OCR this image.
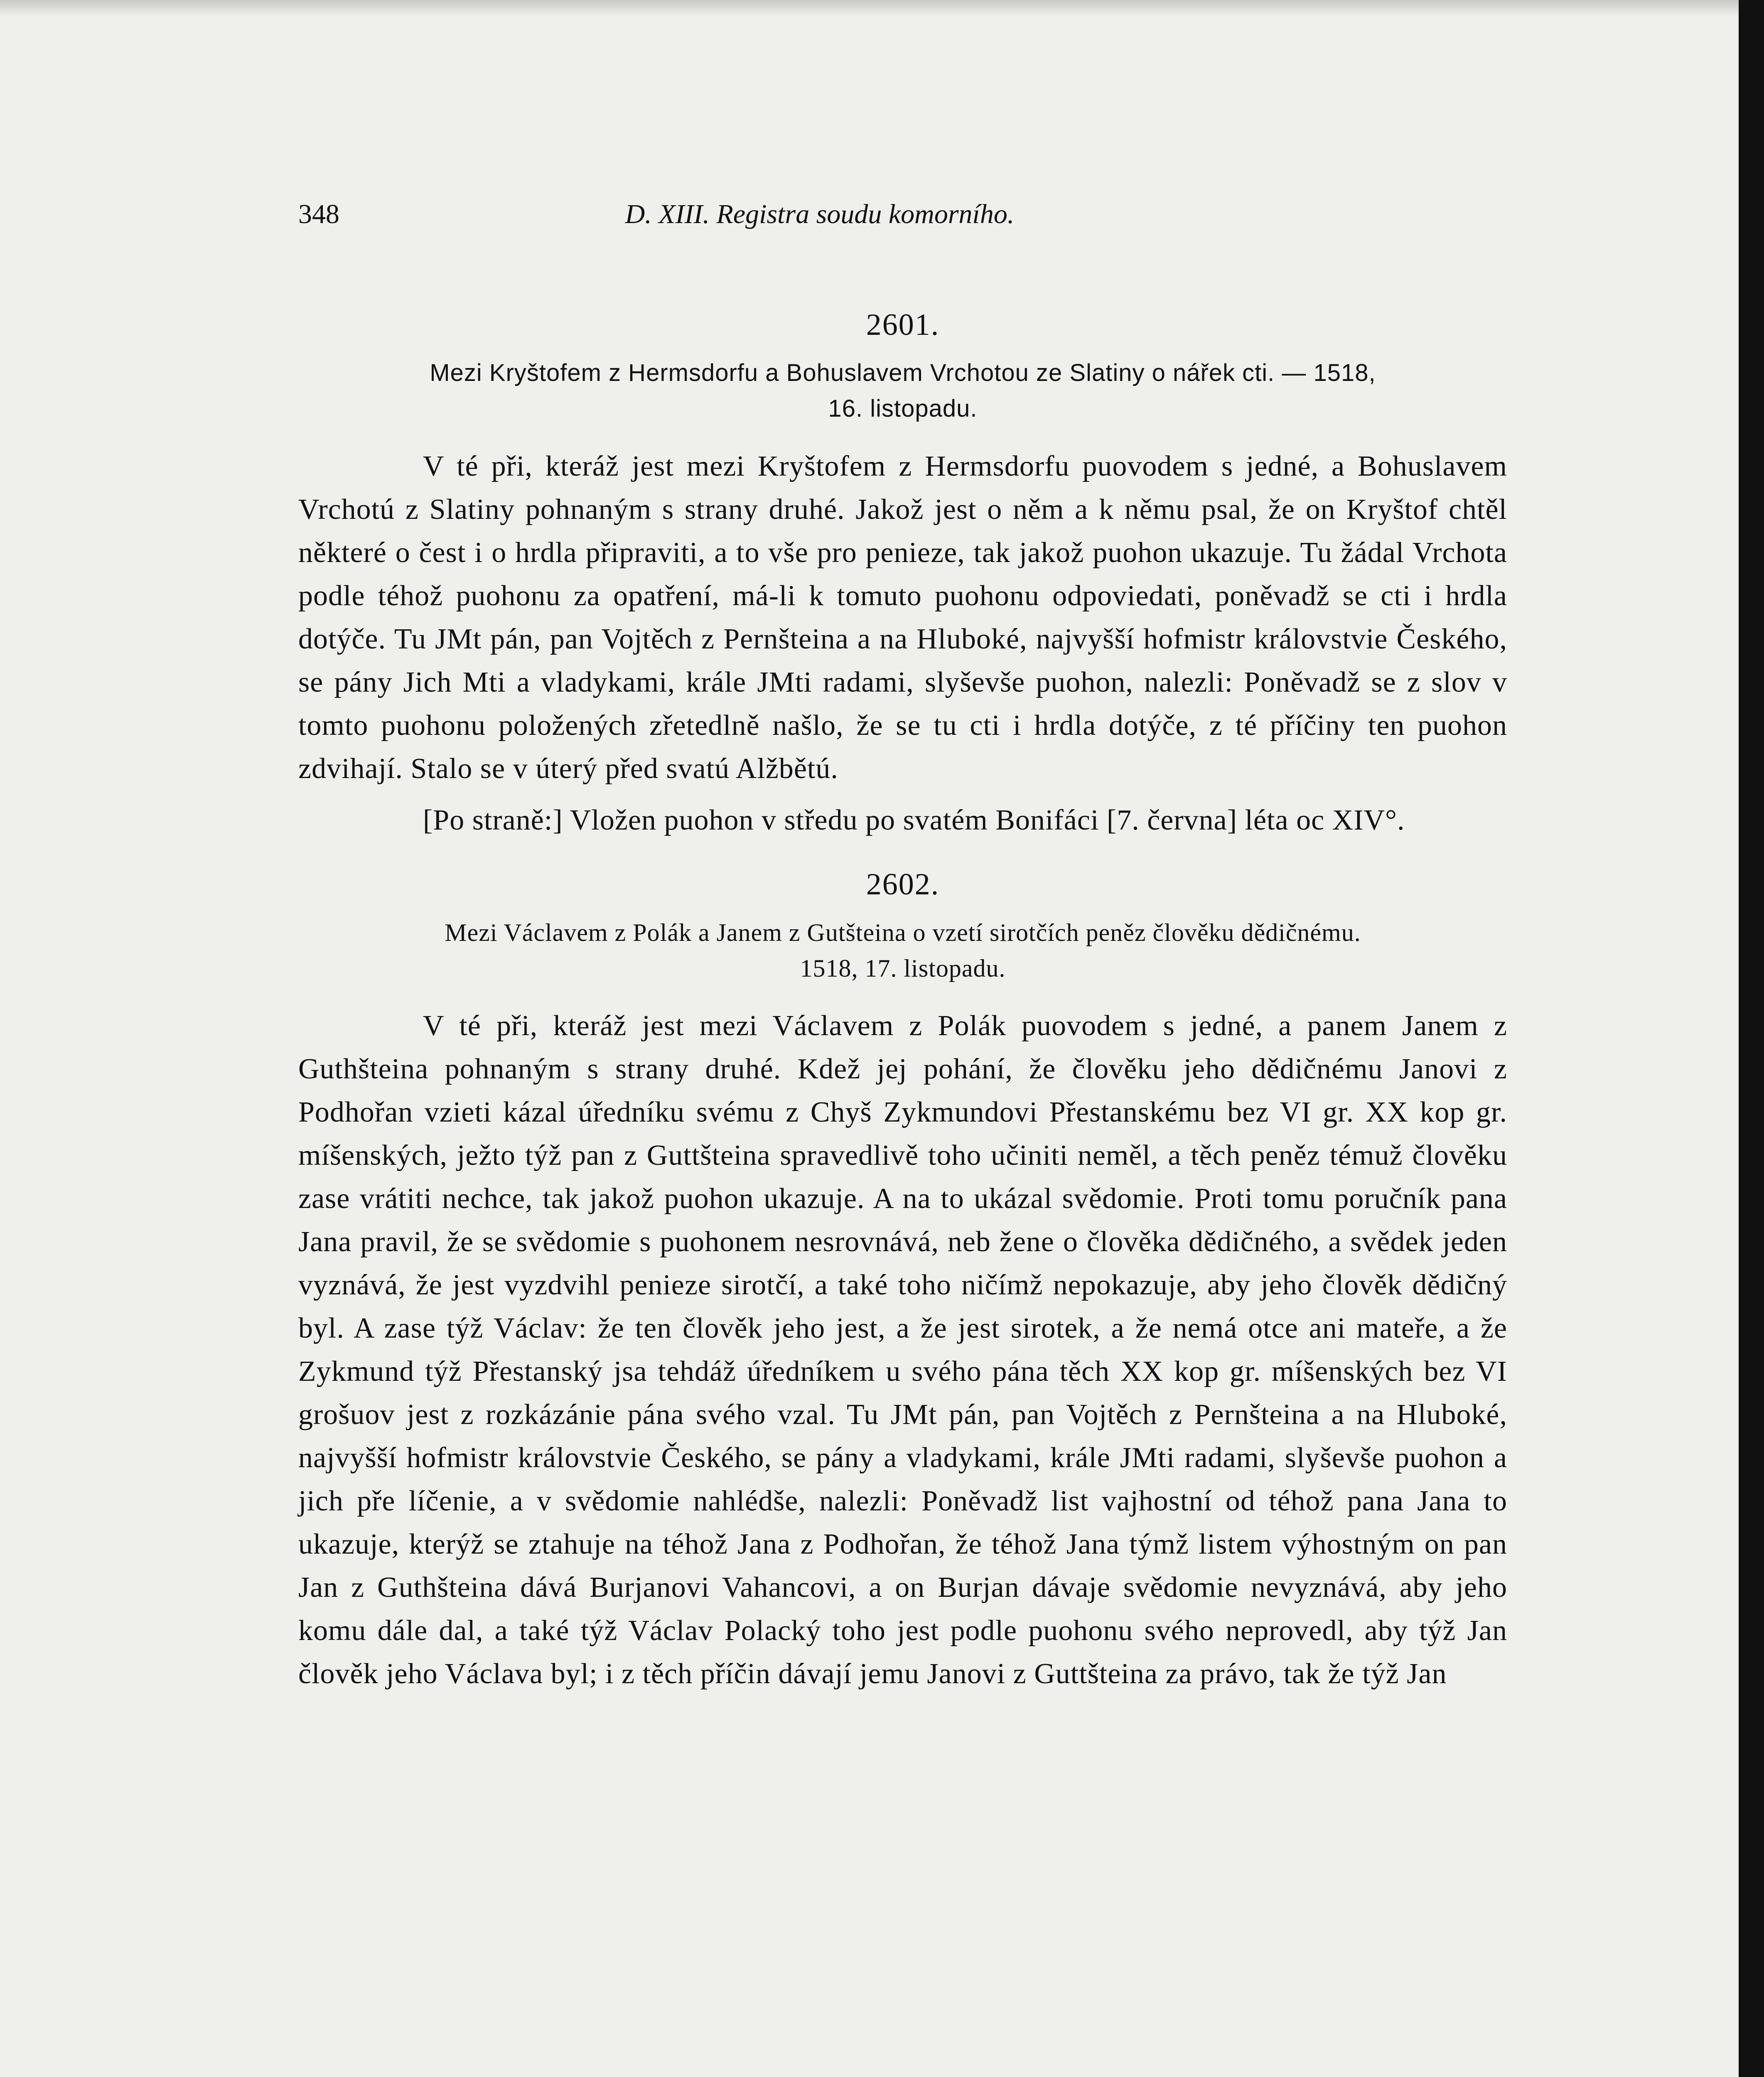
348	D. XIII. Registra soudu komorního.
2601.
Mezi Kryštofem z Hermsdorfu a Bohuslavem Vrchotou ze Slatiny o nářek cti. — 1518,
16. listopadu.

V té při, kteráž jest mezi Kryštofem z Hermsdorfu puovodem s jedné, a Bohuslavem Vrchotú z Slatiny pohnaným s strany druhé. Jakož jest o něm a k němu psal, že on Kryštof chtěl některé o čest i o hrdla připraviti, a to vše pro penieze, tak jakož puohon ukazuje. Tu žádal Vrchota podle téhož puohonu za opatření, má-li k tomuto puohonu odpoviedati, poněvadž se cti i hrdla dotýče. Tu JMt pán, pan Vojtěch z Pernšteina a na Hluboké, najvyšší hofmistr královstvie Českého, se pány Jich Mti a vladykami, krále JMti radami, slyševše puohon, nalezli: Poněvadž se z slov v tomto puohonu položených zřetedlně našlo, že se tu cti i hrdla dotýče, z té příčiny ten puohon zdvihají. Stalo se v úterý před svatú Alžbětú.

[Po straně:] Vložen puohon v středu po svatém Bonifáci [7. června] léta oc XIV°.

2602.
Mezi Václavem z Polák a Janem z Gutšteina o vzetí sirotčích peněz člověku dědičnému.
1518, 17. listopadu.

V té při, kteráž jest mezi Václavem z Polák puovodem s jedné, a panem Janem z Guthšteina pohnaným s strany druhé. Kdež jej pohání, že člověku jeho dědičnému Janovi z Podhořan vzieti kázal úředníku svému z Chyš Zykmundovi Přestanskému bez VI gr. XX kop gr. míšenských, ježto týž pan z Guttšteina spravedlivě toho učiniti neměl, a těch peněz témuž člověku zase vrátiti nechce, tak jakož puohon ukazuje. A na to ukázal svědomie. Proti tomu poručník pana Jana pravil, že se svědomie s puohonem nesrovnává, neb žene o člověka dědičného, a svědek jeden vyznává, že jest vyzdvihl penieze sirotčí, a také toho ničímž nepokazuje, aby jeho člověk dědičný byl. A zase týž Václav: že ten člověk jeho jest, a že jest sirotek, a že nemá otce ani mateře, a že Zykmund týž Přestanský jsa tehdáž úředníkem u svého pána těch XX kop gr. míšenských bez VI grošuov jest z rozkázánie pána svého vzal. Tu JMt pán, pan Vojtěch z Pernšteina a na Hluboké, najvyšší hofmistr královstvie Českého, se pány a vladykami, krále JMti radami, slyševše puohon a jich pře líčenie, a v svědomie nahlédše, nalezli: Poněvadž list vajhostní od téhož pana Jana to ukazuje, kterýž se ztahuje na téhož Jana z Podhořan, že téhož Jana týmž listem výhostným on pan Jan z Guthšteina dává Burjanovi Vahancovi, a on Burjan dávaje svědomie nevyznává, aby jeho komu dále dal, a také týž Václav Polacký toho jest podle puohonu svého neprovedl, aby týž Jan člověk jeho Václava byl; i z těch příčin dávají jemu Janovi z Guttšteina za právo, tak že týž Jan
